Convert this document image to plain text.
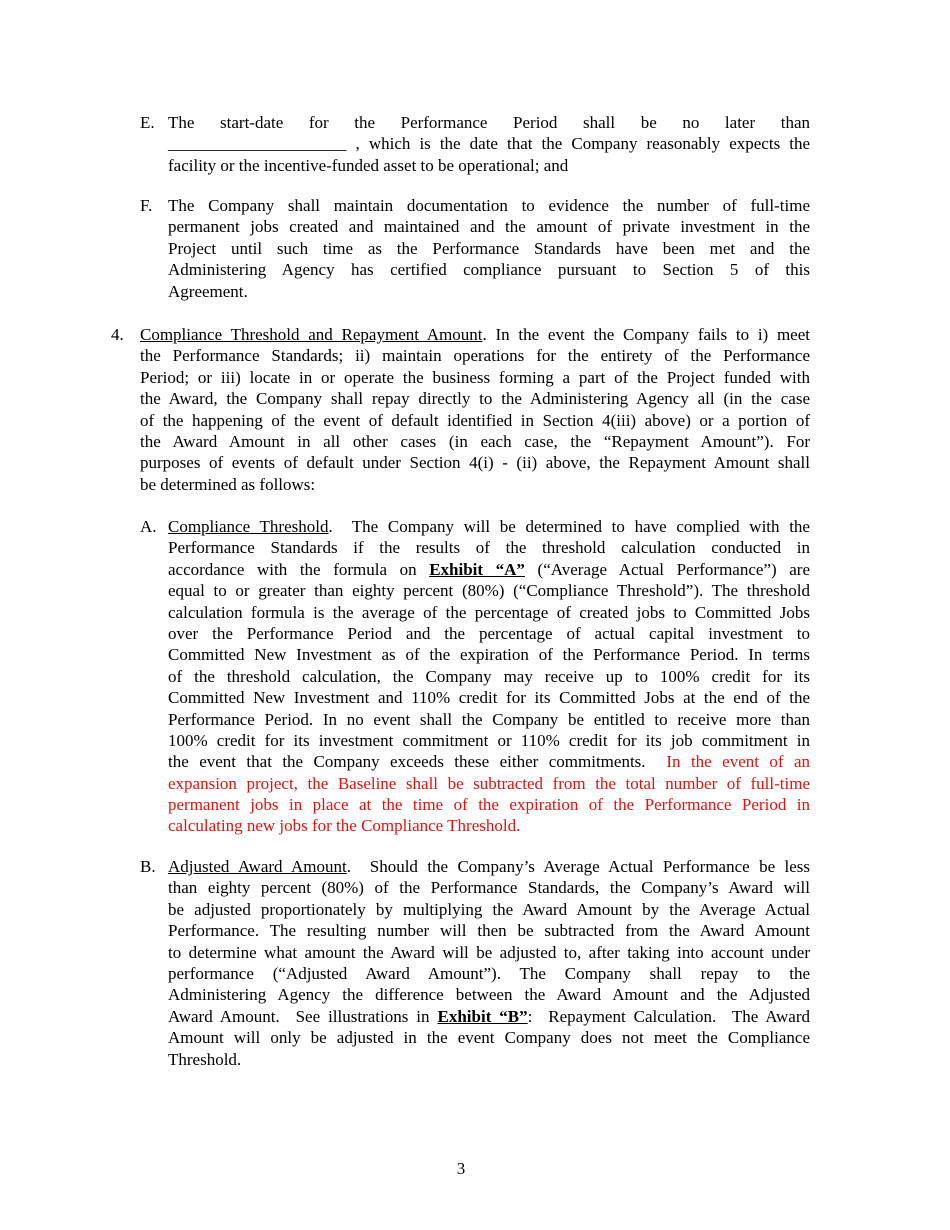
E. The start-date for the Performance Period shall be no later than
_____________________ , which is the date that the Company reasonably expects the
facility or the incentive-funded asset to be operational; and
F. The Company shall maintain documentation to evidence the number of full-time
permanent jobs created and maintained and the amount of private investment in the
Project until such time as the Performance Standards have been met and the
Administering Agency has certified compliance pursuant to Section 5 of this
Agreement.
4. Compliance Threshold and Repayment Amount. In the event the Company fails to i) meet
the Performance Standards; ii) maintain operations for the entirety of the Performance
Period; or iii) locate in or operate the business forming a part of the Project funded with
the Award, the Company shall repay directly to the Administering Agency all (in the case
of the happening of the event of default identified in Section 4(iii) above) or a portion of
the Award Amount in all other cases (in each case, the “Repayment Amount”). For
purposes of events of default under Section 4(i) - (ii) above, the Repayment Amount shall
be determined as follows:
A. Compliance Threshold.  The Company will be determined to have complied with the
Performance Standards if the results of the threshold calculation conducted in
accordance with the formula on Exhibit “A” (“Average Actual Performance”) are
equal to or greater than eighty percent (80%) (“Compliance Threshold”). The threshold
calculation formula is the average of the percentage of created jobs to Committed Jobs
over the Performance Period and the percentage of actual capital investment to
Committed New Investment as of the expiration of the Performance Period. In terms
of the threshold calculation, the Company may receive up to 100% credit for its
Committed New Investment and 110% credit for its Committed Jobs at the end of the
Performance Period. In no event shall the Company be entitled to receive more than
100% credit for its investment commitment or 110% credit for its job commitment in
the event that the Company exceeds these either commitments.  In the event of an
expansion project, the Baseline shall be subtracted from the total number of full-time
permanent jobs in place at the time of the expiration of the Performance Period in
calculating new jobs for the Compliance Threshold.
B. Adjusted Award Amount.  Should the Company’s Average Actual Performance be less
than eighty percent (80%) of the Performance Standards, the Company’s Award will
be adjusted proportionately by multiplying the Award Amount by the Average Actual
Performance. The resulting number will then be subtracted from the Award Amount
to determine what amount the Award will be adjusted to, after taking into account under
performance (“Adjusted Award Amount”). The Company shall repay to the
Administering Agency the difference between the Award Amount and the Adjusted
Award Amount.  See illustrations in Exhibit “B”:  Repayment Calculation.  The Award
Amount will only be adjusted in the event Company does not meet the Compliance
Threshold.
3
